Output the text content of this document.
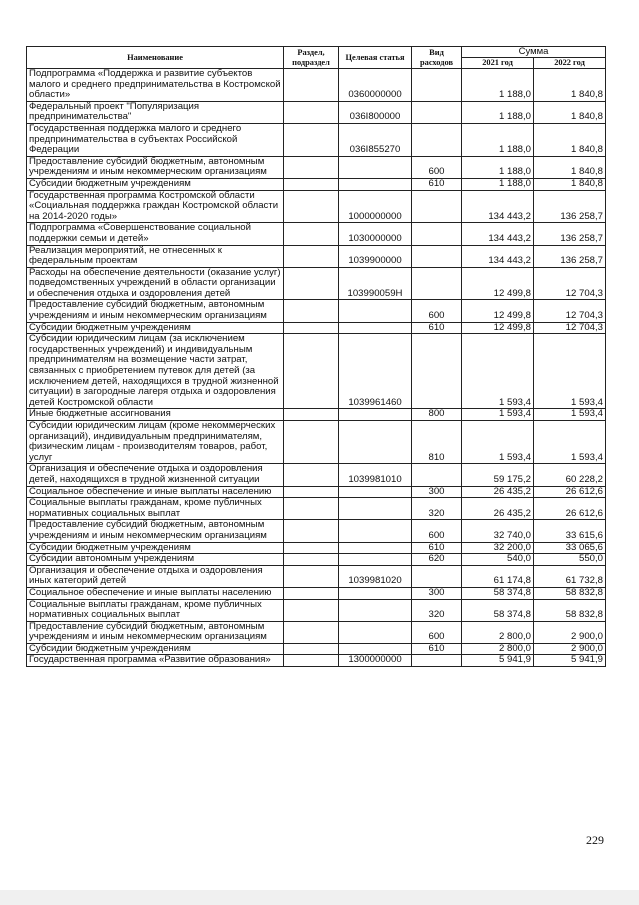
Наименование	Раздел, подраздел	Целевая статья	Вид расходов	Сумма	
				2021 год	2022 год
Подпрограмма «Поддержка и развитие субъектов малого и среднего предпринимательства в Костромской области»		0360000000		1 188,0	1 840,8
Федеральный проект "Популяризация предпринимательства"		036I800000		1 188,0	1 840,8
Государственная поддержка малого и среднего предпринимательства в субъектах Российской Федерации		036I855270		1 188,0	1 840,8
Предоставление субсидий бюджетным, автономным учреждениям и иным некоммерческим организациям			600	1 188,0	1 840,8
Субсидии бюджетным учреждениям			610	1 188,0	1 840,8
Государственная программа Костромской области «Социальная поддержка граждан Костромской области на 2014-2020 годы»		1000000000		134 443,2	136 258,7
Подпрограмма «Совершенствование социальной поддержки семьи и детей»		1030000000		134 443,2	136 258,7
Реализация мероприятий, не отнесенных к федеральным проектам		1039900000		134 443,2	136 258,7
Расходы на обеспечение деятельности (оказание услуг) подведомственных учреждений в области организации и обеспечения отдыха и оздоровления детей		103990059H		12 499,8	12 704,3
Предоставление субсидий бюджетным, автономным учреждениям и иным некоммерческим организациям			600	12 499,8	12 704,3
Субсидии бюджетным учреждениям			610	12 499,8	12 704,3
Субсидии юридическим лицам (за исключением государственных учреждений) и индивидуальным предпринимателям на возмещение части затрат, связанных с приобретением путевок для детей (за исключением детей, находящихся в трудной жизненной ситуации) в загородные лагеря отдыха и оздоровления детей Костромской области		1039961460		1 593,4	1 593,4
Иные бюджетные ассигнования			800	1 593,4	1 593,4
Субсидии юридическим лицам (кроме некоммерческих организаций), индивидуальным предпринимателям, физическим лицам - производителям товаров, работ, услуг			810	1 593,4	1 593,4
Организация и обеспечение отдыха и оздоровления детей, находящихся в трудной жизненной ситуации		1039981010		59 175,2	60 228,2
Социальное обеспечение и иные выплаты населению			300	26 435,2	26 612,6
Социальные выплаты гражданам, кроме публичных нормативных социальных выплат			320	26 435,2	26 612,6
Предоставление субсидий бюджетным, автономным учреждениям и иным некоммерческим организациям			600	32 740,0	33 615,6
Субсидии бюджетным учреждениям			610	32 200,0	33 065,6
Субсидии автономным учреждениям			620	540,0	550,0
Организация и обеспечение отдыха и оздоровления иных категорий детей		1039981020		61 174,8	61 732,8
Социальное обеспечение и иные выплаты населению			300	58 374,8	58 832,8
Социальные выплаты гражданам, кроме публичных нормативных социальных выплат			320	58 374,8	58 832,8
Предоставление субсидий бюджетным, автономным учреждениям и иным некоммерческим организациям			600	2 800,0	2 900,0
Субсидии бюджетным учреждениям			610	2 800,0	2 900,0
Государственная программа «Развитие образования»		1300000000		5 941,9	5 941,9
229
